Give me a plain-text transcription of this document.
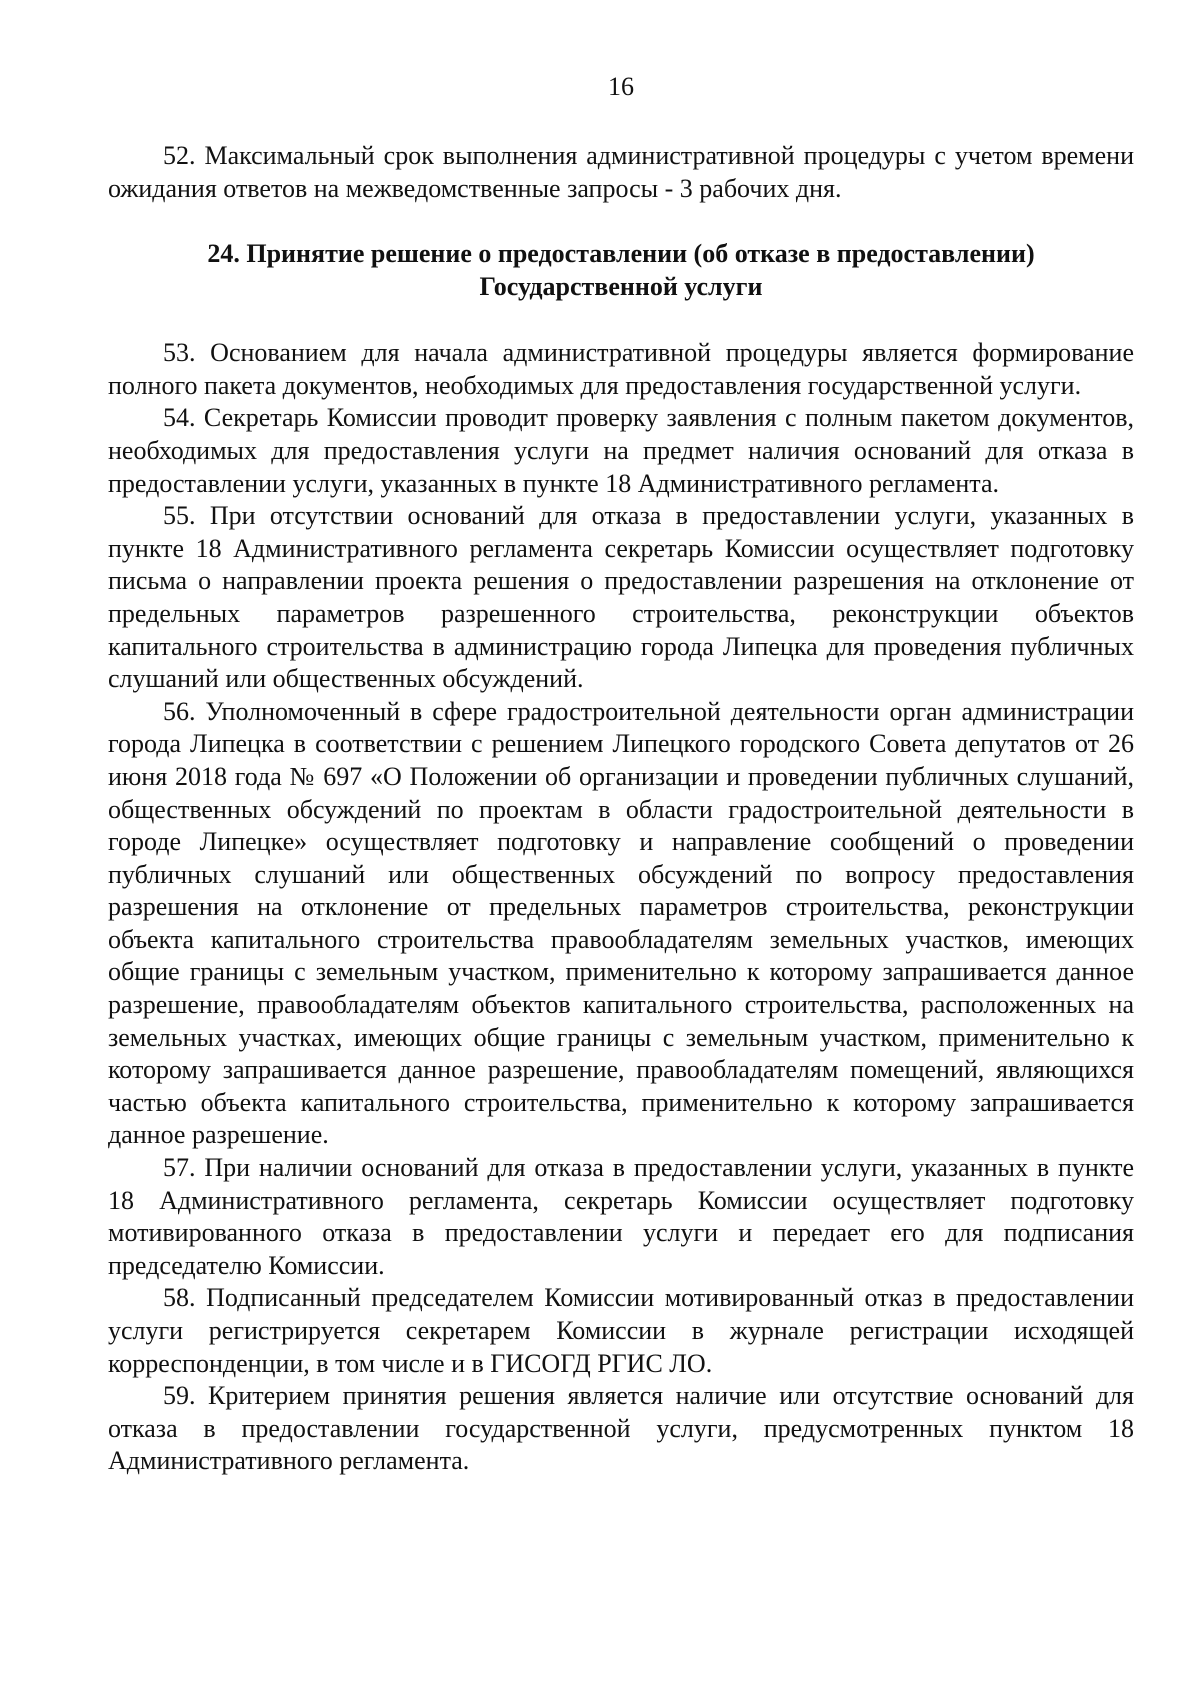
16

52. Максимальный срок выполнения административной процедуры с учетом времени ожидания ответов на межведомственные запросы - 3 рабочих дня.

24. Принятие решение о предоставлении (об отказе в предоставлении)
Государственной услуги

53. Основанием для начала административной процедуры является формирование полного пакета документов, необходимых для предоставления государственной услуги.

54. Секретарь Комиссии проводит проверку заявления с полным пакетом документов, необходимых для предоставления услуги на предмет наличия оснований для отказа в предоставлении услуги, указанных в пункте 18 Административного регламента.

55. При отсутствии оснований для отказа в предоставлении услуги, указанных в пункте 18 Административного регламента секретарь Комиссии осуществляет подготовку письма о направлении проекта решения о предоставлении разрешения на отклонение от предельных параметров разрешенного строительства, реконструкции объектов капитального строительства в администрацию города Липецка для проведения публичных слушаний или общественных обсуждений.

56. Уполномоченный в сфере градостроительной деятельности орган администрации города Липецка в соответствии с решением Липецкого городского Совета депутатов от 26 июня 2018 года № 697 «О Положении об организации и проведении публичных слушаний, общественных обсуждений по проектам в области градостроительной деятельности в городе Липецке» осуществляет подготовку и направление сообщений о проведении публичных слушаний или общественных обсуждений по вопросу предоставления разрешения на отклонение от предельных параметров строительства, реконструкции объекта капитального строительства правообладателям земельных участков, имеющих общие границы с земельным участком, применительно к которому запрашивается данное разрешение, правообладателям объектов капитального строительства, расположенных на земельных участках, имеющих общие границы с земельным участком, применительно к которому запрашивается данное разрешение, правообладателям помещений, являющихся частью объекта капитального строительства, применительно к которому запрашивается данное разрешение.

57. При наличии оснований для отказа в предоставлении услуги, указанных в пункте 18 Административного регламента, секретарь Комиссии осуществляет подготовку мотивированного отказа в предоставлении услуги и передает его для подписания председателю Комиссии.

58. Подписанный председателем Комиссии мотивированный отказ в предоставлении услуги регистрируется секретарем Комиссии в журнале регистрации исходящей корреспонденции, в том числе и в ГИСОГД РГИС ЛО.

59. Критерием принятия решения является наличие или отсутствие оснований для отказа в предоставлении государственной услуги, предусмотренных пунктом 18 Административного регламента.
